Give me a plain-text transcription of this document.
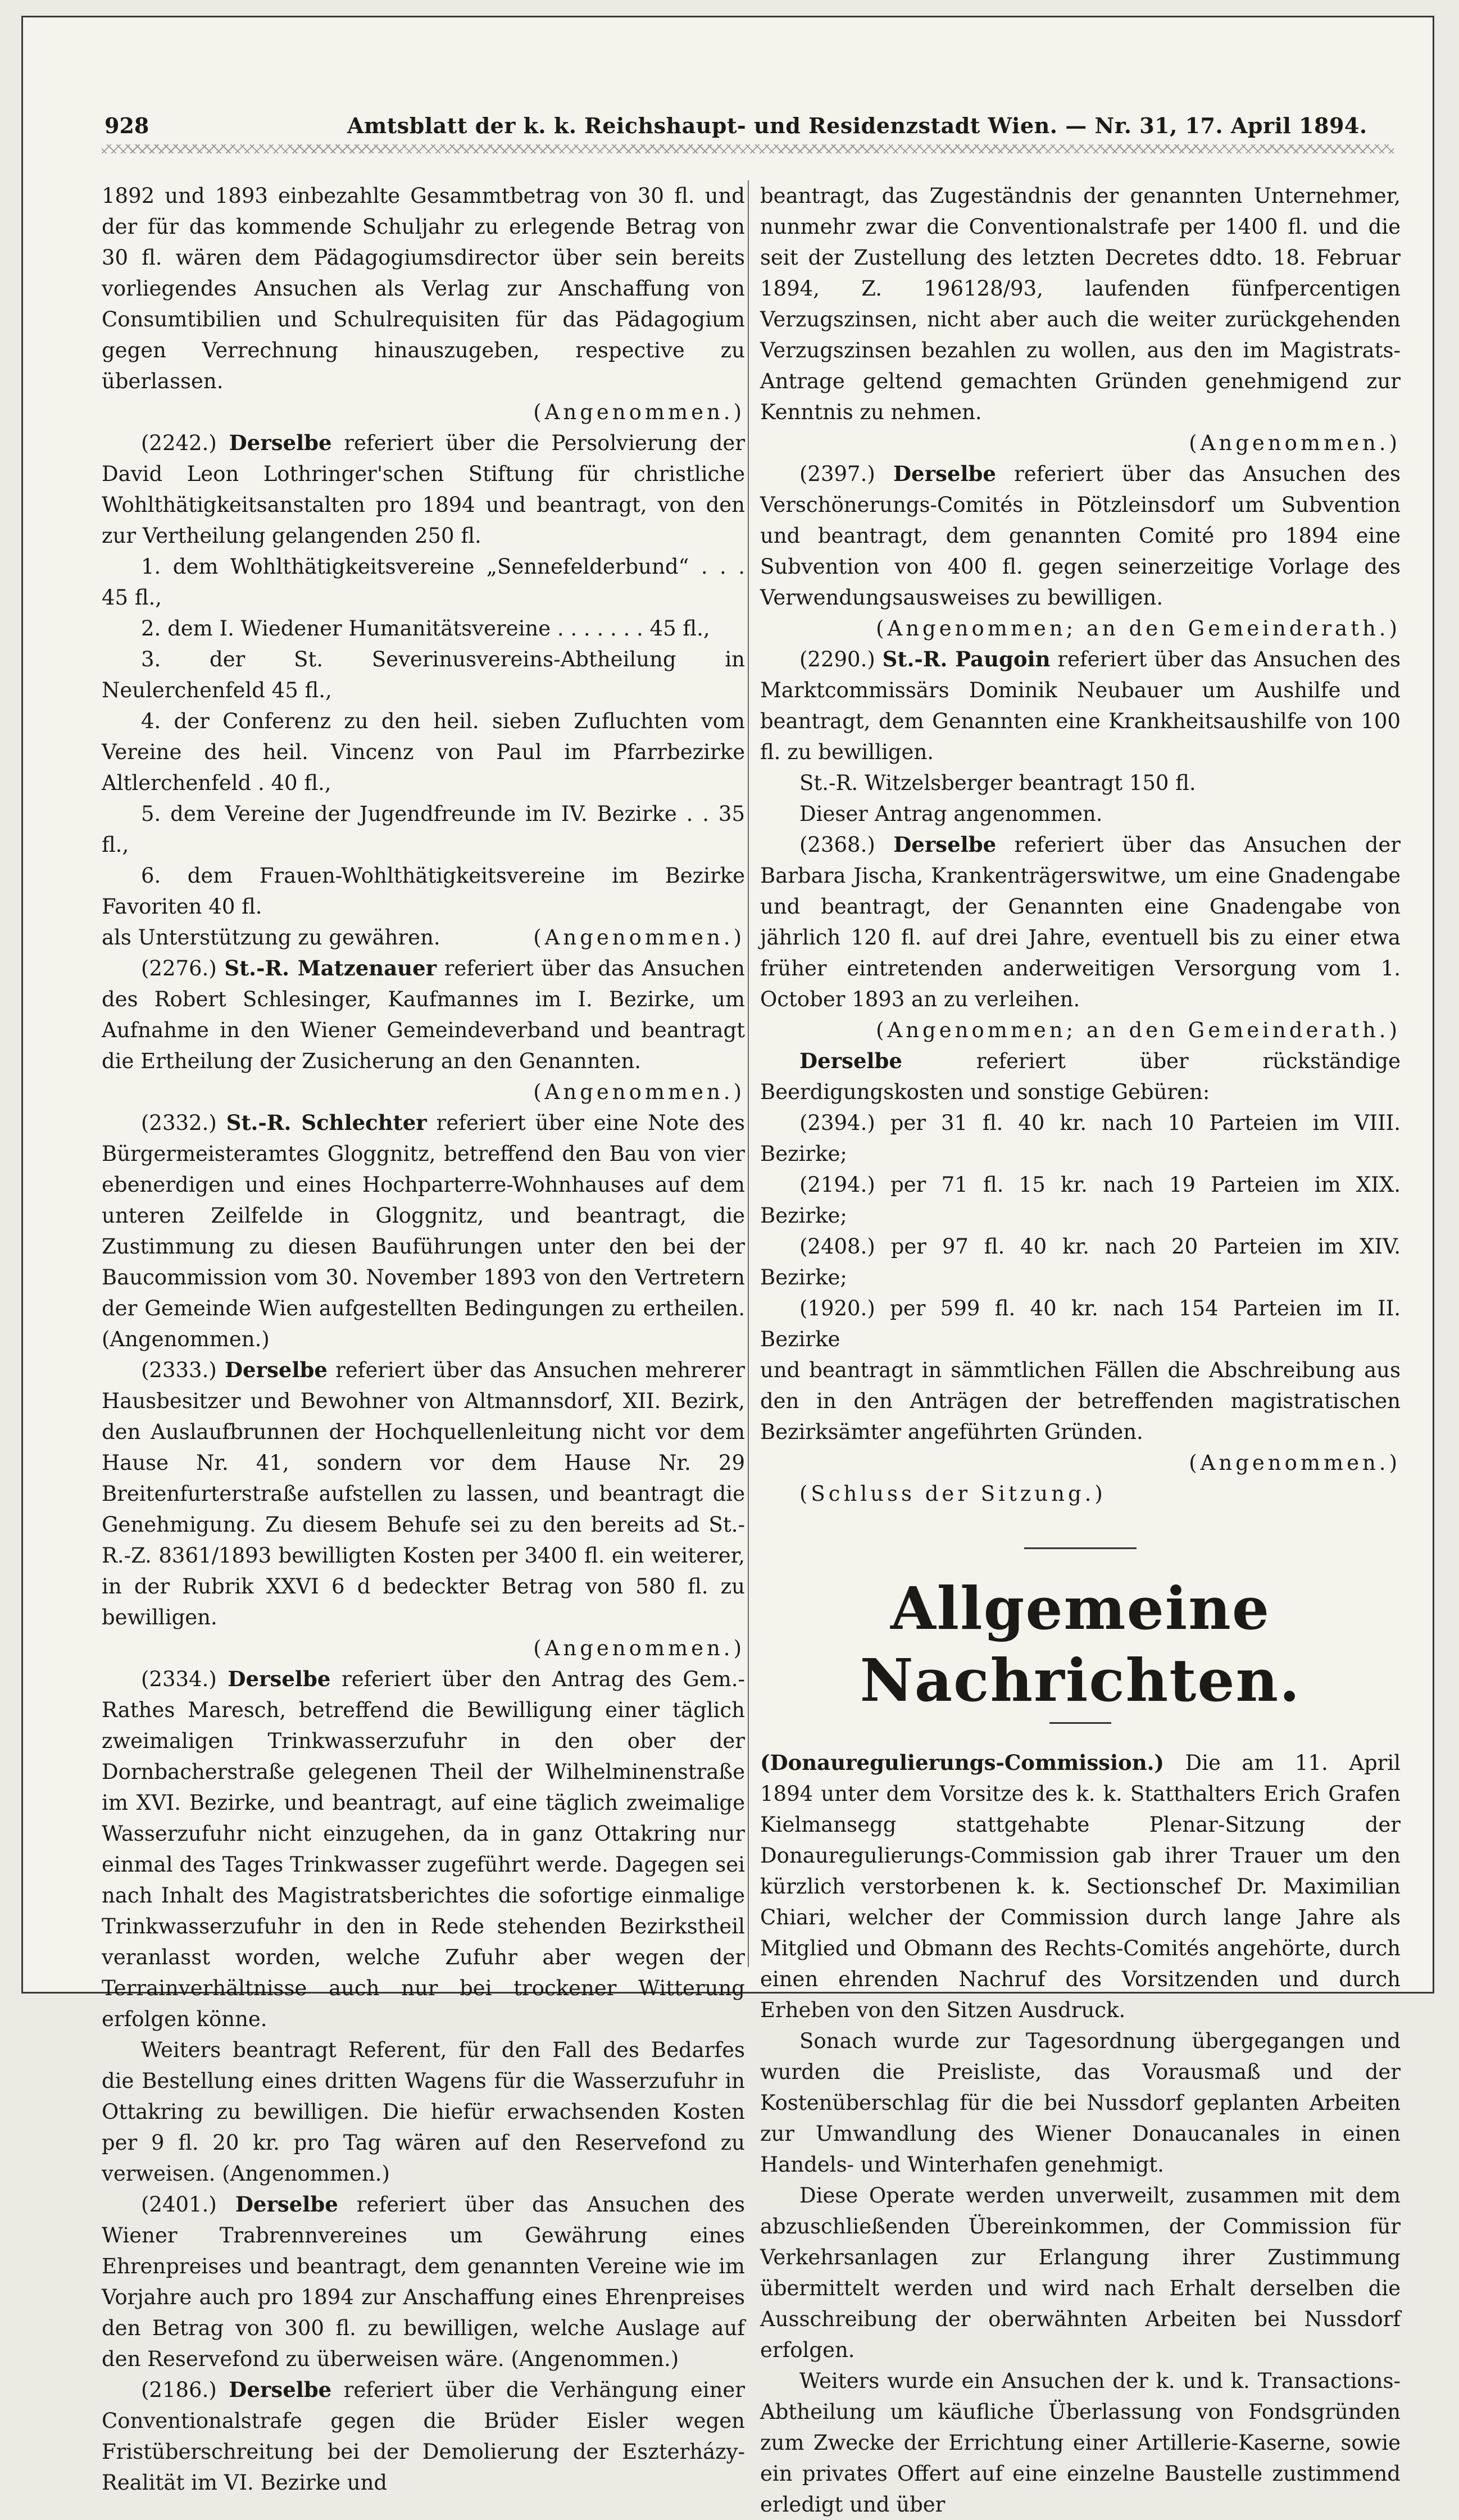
928	Amtsblatt der k. k. Reichshaupt- und Residenzstadt Wien. — Nr. 31, 17. April 1894.
1892 und 1893 einbezahlte Gesammtbetrag von 30 fl. und der für das kommende Schuljahr zu erlegende Betrag von 30 fl. wären dem Pädagogiumsdirector über sein bereits vorliegendes Ansuchen als Verlag zur Anschaffung von Consumtibilien und Schulrequisiten für das Pädagogium gegen Verrechnung hinauszugeben, respective zu überlassen.
(Angenommen.)

(2242.) Derselbe referiert über die Persolvierung der David Leon Lothringer'schen Stiftung für christliche Wohlthätigkeitsanstalten pro 1894 und beantragt, von den zur Vertheilung gelangenden 250 fl.

1. dem Wohlthätigkeitsvereine „Sennefelderbund“ . . . 45 fl.,
2. dem I. Wiedener Humanitätsvereine . . . . . . . 45 fl.,
3. der St. Severinusvereins-Abtheilung in Neulerchenfeld 45 fl.,
4. der Conferenz zu den heil. sieben Zufluchten vom Vereine des heil. Vincenz von Paul im Pfarrbezirke Altlerchenfeld . 40 fl.,
5. dem Vereine der Jugendfreunde im IV. Bezirke . . 35 fl.,
6. dem Frauen-Wohlthätigkeitsvereine im Bezirke Favoriten 40 fl.

als Unterstützung zu gewähren.	(Angenommen.)

(2276.) St.-R. Matzenauer referiert über das Ansuchen des Robert Schlesinger, Kaufmannes im I. Bezirke, um Aufnahme in den Wiener Gemeindeverband und beantragt die Ertheilung der Zusicherung an den Genannten.

(Angenommen.)

(2332.) St.-R. Schlechter referiert über eine Note des Bürgermeisteramtes Gloggnitz, betreffend den Bau von vier ebenerdigen und eines Hochparterre-Wohnhauses auf dem unteren Zeilfelde in Gloggnitz, und beantragt, die Zustimmung zu diesen Bauführungen unter den bei der Baucommission vom 30. November 1893 von den Vertretern der Gemeinde Wien aufgestellten Bedingungen zu ertheilen. (Angenommen.)

(2333.) Derselbe referiert über das Ansuchen mehrerer Hausbesitzer und Bewohner von Altmannsdorf, XII. Bezirk, den Auslaufbrunnen der Hochquellenleitung nicht vor dem Hause Nr. 41, sondern vor dem Hause Nr. 29 Breitenfurterstraße aufstellen zu lassen, und beantragt die Genehmigung. Zu diesem Behufe sei zu den bereits ad St.-R.-Z. 8361/1893 bewilligten Kosten per 3400 fl. ein weiterer, in der Rubrik XXVI 6 d bedeckter Betrag von 580 fl. zu bewilligen.

(Angenommen.)

(2334.) Derselbe referiert über den Antrag des Gem.-Rathes Maresch, betreffend die Bewilligung einer täglich zweimaligen Trinkwasserzufuhr in den ober der Dornbacherstraße gelegenen Theil der Wilhelminenstraße im XVI. Bezirke, und beantragt, auf eine täglich zweimalige Wasserzufuhr nicht einzugehen, da in ganz Ottakring nur einmal des Tages Trinkwasser zugeführt werde. Dagegen sei nach Inhalt des Magistratsberichtes die sofortige einmalige Trinkwasserzufuhr in den in Rede stehenden Bezirkstheil veranlasst worden, welche Zufuhr aber wegen der Terrainverhältnisse auch nur bei trockener Witterung erfolgen könne.

Weiters beantragt Referent, für den Fall des Bedarfes die Bestellung eines dritten Wagens für die Wasserzufuhr in Ottakring zu bewilligen. Die hiefür erwachsenden Kosten per 9 fl. 20 kr. pro Tag wären auf den Reservefond zu verweisen. (Angenommen.)

(2401.) Derselbe referiert über das Ansuchen des Wiener Trabrennvereines um Gewährung eines Ehrenpreises und beantragt, dem genannten Vereine wie im Vorjahre auch pro 1894 zur Anschaffung eines Ehrenpreises den Betrag von 300 fl. zu bewilligen, welche Auslage auf den Reservefond zu überweisen wäre. (Angenommen.)

(2186.) Derselbe referiert über die Verhängung einer Conventionalstrafe gegen die Brüder Eisler wegen Fristüberschreitung bei der Demolierung der Eszterházy-Realität im VI. Bezirke und

beantragt, das Zugeständnis der genannten Unternehmer, nunmehr zwar die Conventionalstrafe per 1400 fl. und die seit der Zustellung des letzten Decretes ddto. 18. Februar 1894, Z. 196128/93, laufenden fünfpercentigen Verzugszinsen, nicht aber auch die weiter zurückgehenden Verzugszinsen bezahlen zu wollen, aus den im Magistrats-Antrage geltend gemachten Gründen genehmigend zur Kenntnis zu nehmen.
(Angenommen.)

(2397.) Derselbe referiert über das Ansuchen des Verschönerungs-Comités in Pötzleinsdorf um Subvention und beantragt, dem genannten Comité pro 1894 eine Subvention von 400 fl. gegen seinerzeitige Vorlage des Verwendungsausweises zu bewilligen.

(Angenommen; an den Gemeinderath.)

(2290.) St.-R. Paugoin referiert über das Ansuchen des Marktcommissärs Dominik Neubauer um Aushilfe und beantragt, dem Genannten eine Krankheitsaushilfe von 100 fl. zu bewilligen.

St.-R. Witzelsberger beantragt 150 fl.
Dieser Antrag angenommen.

(2368.) Derselbe referiert über das Ansuchen der Barbara Jischa, Krankenträgerswitwe, um eine Gnadengabe und beantragt, der Genannten eine Gnadengabe von jährlich 120 fl. auf drei Jahre, eventuell bis zu einer etwa früher eintretenden anderweitigen Versorgung vom 1. October 1893 an zu verleihen.

(Angenommen; an den Gemeinderath.)

Derselbe	referiert über rückständige Beerdigungskosten und sonstige Gebüren:

(2394.) per 31 fl. 40 kr. nach 10 Parteien im VIII. Bezirke;
(2194.) per 71 fl. 15 kr. nach 19 Parteien im XIX. Bezirke;
(2408.) per 97 fl. 40 kr. nach 20 Parteien im XIV. Bezirke;
(1920.) per 599 fl. 40 kr. nach 154 Parteien im II. Bezirke
und beantragt in sämmtlichen Fällen die Abschreibung aus den in den Anträgen der betreffenden magistratischen Bezirksämter angeführten Gründen.
(Angenommen.)
(Schluss der Sitzung.)
Allgemeine Nachrichten.

(Donauregulierungs-Commission.) Die am 11. April 1894 unter dem Vorsitze des k. k. Statthalters Erich Grafen Kielmansegg stattgehabte Plenar-Sitzung der Donauregulierungs-Commission gab ihrer Trauer um den kürzlich verstorbenen k. k. Sectionschef Dr. Maximilian Chiari, welcher der Commission durch lange Jahre als Mitglied und Obmann des Rechts-Comités angehörte, durch einen ehrenden Nachruf des Vorsitzenden und durch Erheben von den Sitzen Ausdruck.

Sonach wurde zur Tagesordnung übergegangen und wurden die Preisliste, das Vorausmaß und der Kostenüberschlag für die bei Nussdorf geplanten Arbeiten zur Umwandlung des Wiener Donaucanales in einen Handels- und Winterhafen genehmigt.
Diese Operate werden unverweilt, zusammen mit dem abzuschließenden Übereinkommen, der Commission für Verkehrsanlagen zur Erlangung ihrer Zustimmung übermittelt werden und wird nach Erhalt derselben die Ausschreibung der oberwähnten Arbeiten bei Nussdorf erfolgen.
Weiters wurde ein Ansuchen der k. und k. Transactions-Abtheilung um käufliche Überlassung von Fondsgründen zum Zwecke der Errichtung einer Artillerie-Kaserne, sowie ein privates Offert auf eine einzelne Baustelle zustimmend erledigt und über
